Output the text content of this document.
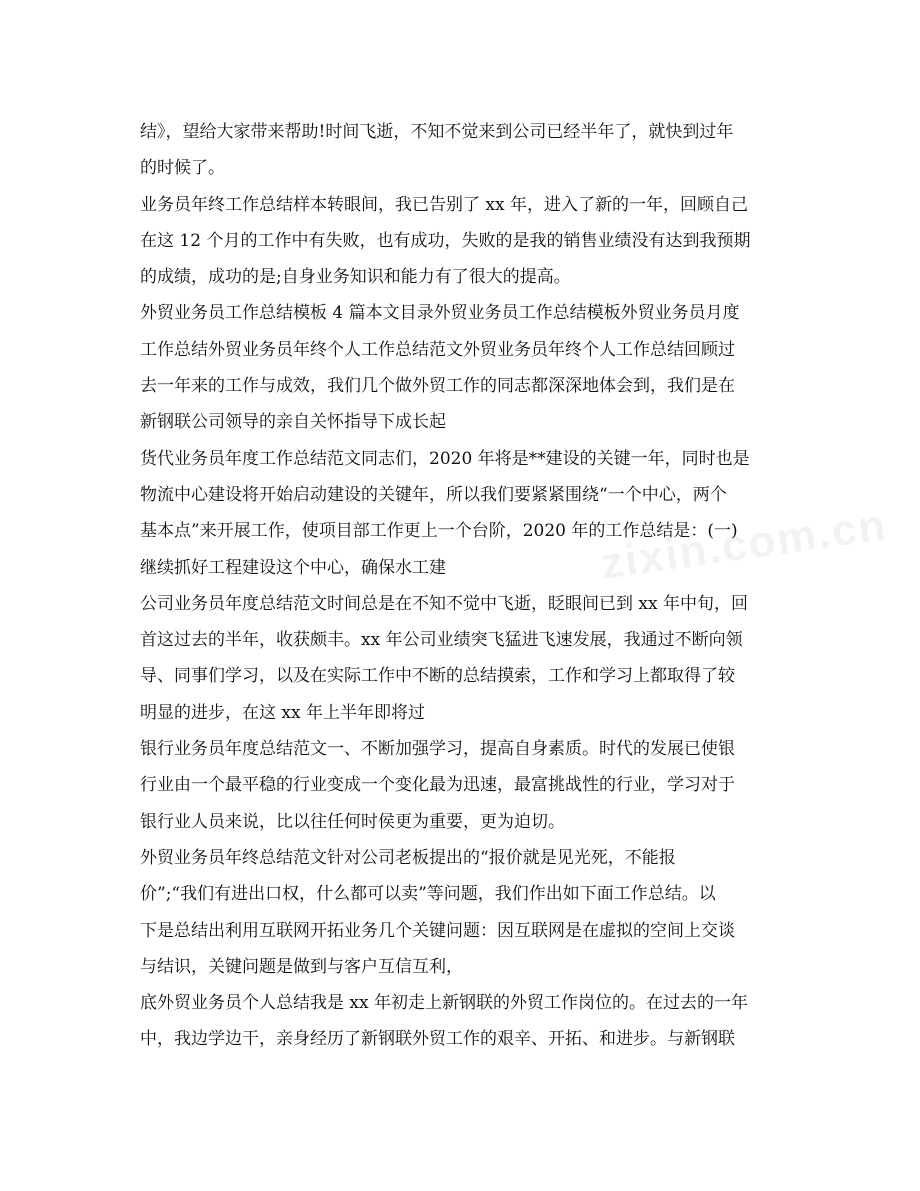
zixin.com.cn
结》，望给大家带来帮助!时间飞逝，不知不觉来到公司已经半年了，就快到过年
的时候了。
业务员年终工作总结样本转眼间，我已告别了 xx 年，进入了新的一年，回顾自己
在这 12 个月的工作中有失败，也有成功，失败的是我的销售业绩没有达到我预期
的成绩，成功的是;自身业务知识和能力有了很大的提高。
外贸业务员工作总结模板 4 篇本文目录外贸业务员工作总结模板外贸业务员月度
工作总结外贸业务员年终个人工作总结范文外贸业务员年终个人工作总结回顾过
去一年来的工作与成效，我们几个做外贸工作的同志都深深地体会到，我们是在
新钢联公司领导的亲自关怀指导下成长起
货代业务员年度工作总结范文同志们，2020 年将是**建设的关键一年，同时也是
物流中心建设将开始启动建设的关键年，所以我们要紧紧围绕“一个中心，两个
基本点”来开展工作，使项目部工作更上一个台阶，2020 年的工作总结是：(一)
继续抓好工程建设这个中心，确保水工建
公司业务员年度总结范文时间总是在不知不觉中飞逝，眨眼间已到 xx 年中旬，回
首这过去的半年，收获颇丰。xx 年公司业绩突飞猛进飞速发展，我通过不断向领
导、同事们学习，以及在实际工作中不断的总结摸索，工作和学习上都取得了较
明显的进步，在这 xx 年上半年即将过
银行业务员年度总结范文一、不断加强学习，提高自身素质。时代的发展已使银
行业由一个最平稳的行业变成一个变化最为迅速，最富挑战性的行业，学习对于
银行业人员来说，比以往任何时侯更为重要，更为迫切。
外贸业务员年终总结范文针对公司老板提出的“报价就是见光死，不能报
价”;“我们有进出口权，什么都可以卖”等问题，我们作出如下面工作总结。以
下是总结出利用互联网开拓业务几个关键问题：因互联网是在虚拟的空间上交谈
与结识，关键问题是做到与客户互信互利，
底外贸业务员个人总结我是 xx 年初走上新钢联的外贸工作岗位的。在过去的一年
中，我边学边干，亲身经历了新钢联外贸工作的艰辛、开拓、和进步。与新钢联
